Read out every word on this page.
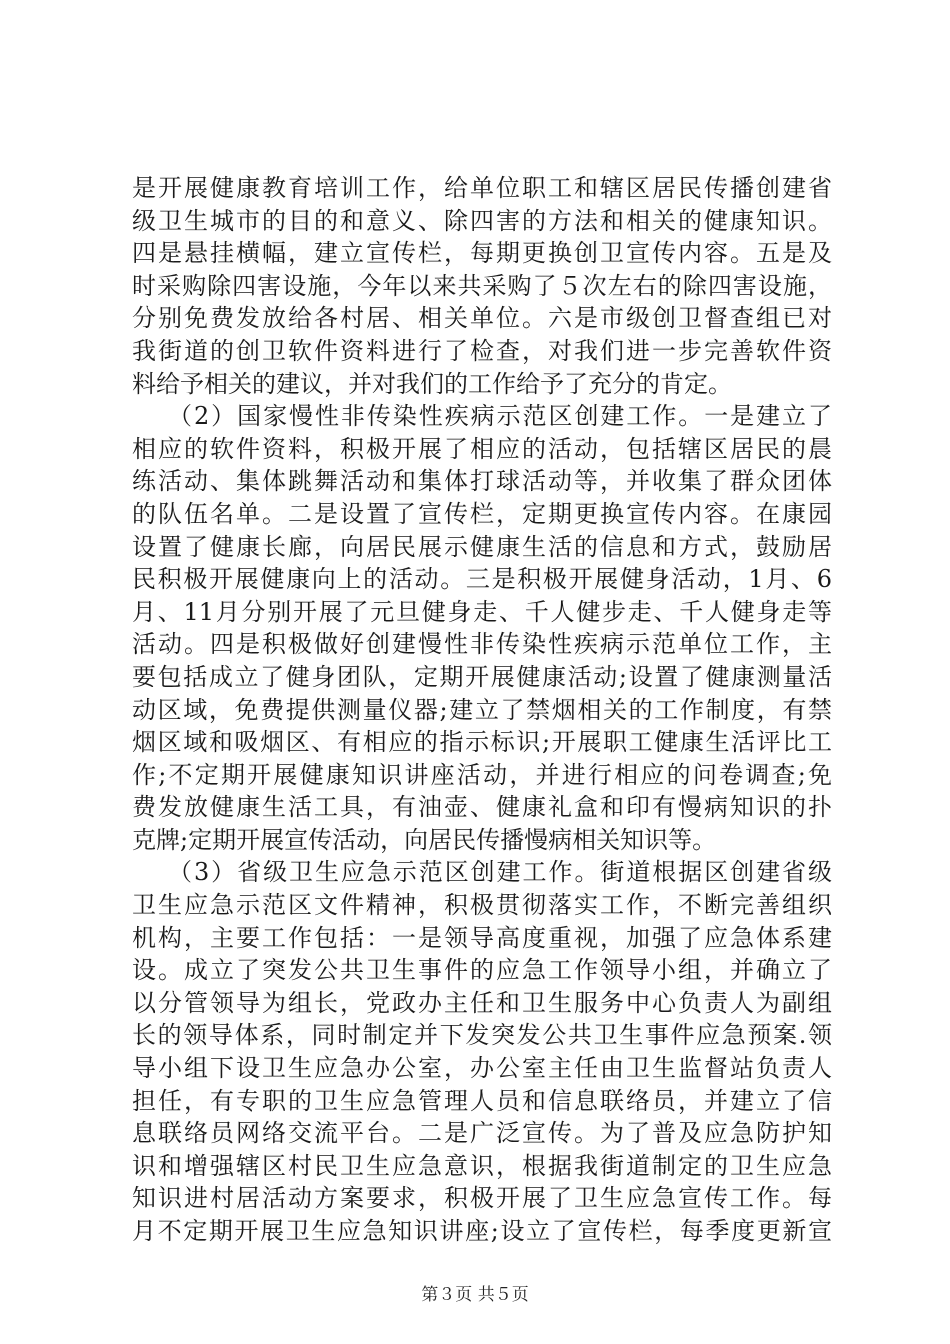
是开展健康教育培训工作，给单位职工和辖区居民传播创建省
级卫生城市的目的和意义、除四害的方法和相关的健康知识。
四是悬挂横幅，建立宣传栏，每期更换创卫宣传内容。五是及
时采购除四害设施，今年以来共采购了５次左右的除四害设施，
分别免费发放给各村居、相关单位。六是市级创卫督查组已对
我街道的创卫软件资料进行了检查，对我们进一步完善软件资
料给予相关的建议，并对我们的工作给予了充分的肯定。
（2）国家慢性非传染性疾病示范区创建工作。一是建立了
相应的软件资料，积极开展了相应的活动，包括辖区居民的晨
练活动、集体跳舞活动和集体打球活动等，并收集了群众团体
的队伍名单。二是设置了宣传栏，定期更换宣传内容。在康园
设置了健康长廊，向居民展示健康生活的信息和方式，鼓励居
民积极开展健康向上的活动。三是积极开展健身活动，1月、6
月、11月分别开展了元旦健身走、千人健步走、千人健身走等
活动。四是积极做好创建慢性非传染性疾病示范单位工作，主
要包括成立了健身团队，定期开展健康活动;设置了健康测量活
动区域，免费提供测量仪器;建立了禁烟相关的工作制度，有禁
烟区域和吸烟区、有相应的指示标识;开展职工健康生活评比工
作;不定期开展健康知识讲座活动，并进行相应的问卷调查;免
费发放健康生活工具，有油壶、健康礼盒和印有慢病知识的扑
克牌;定期开展宣传活动，向居民传播慢病相关知识等。
（3）省级卫生应急示范区创建工作。街道根据区创建省级
卫生应急示范区文件精神，积极贯彻落实工作，不断完善组织
机构，主要工作包括：一是领导高度重视，加强了应急体系建
设。成立了突发公共卫生事件的应急工作领导小组，并确立了
以分管领导为组长，党政办主任和卫生服务中心负责人为副组
长的领导体系，同时制定并下发突发公共卫生事件应急预案.领
导小组下设卫生应急办公室，办公室主任由卫生监督站负责人
担任，有专职的卫生应急管理人员和信息联络员，并建立了信
息联络员网络交流平台。二是广泛宣传。为了普及应急防护知
识和增强辖区村民卫生应急意识，根据我街道制定的卫生应急
知识进村居活动方案要求，积极开展了卫生应急宣传工作。每
月不定期开展卫生应急知识讲座;设立了宣传栏，每季度更新宣
第３页 共５页
